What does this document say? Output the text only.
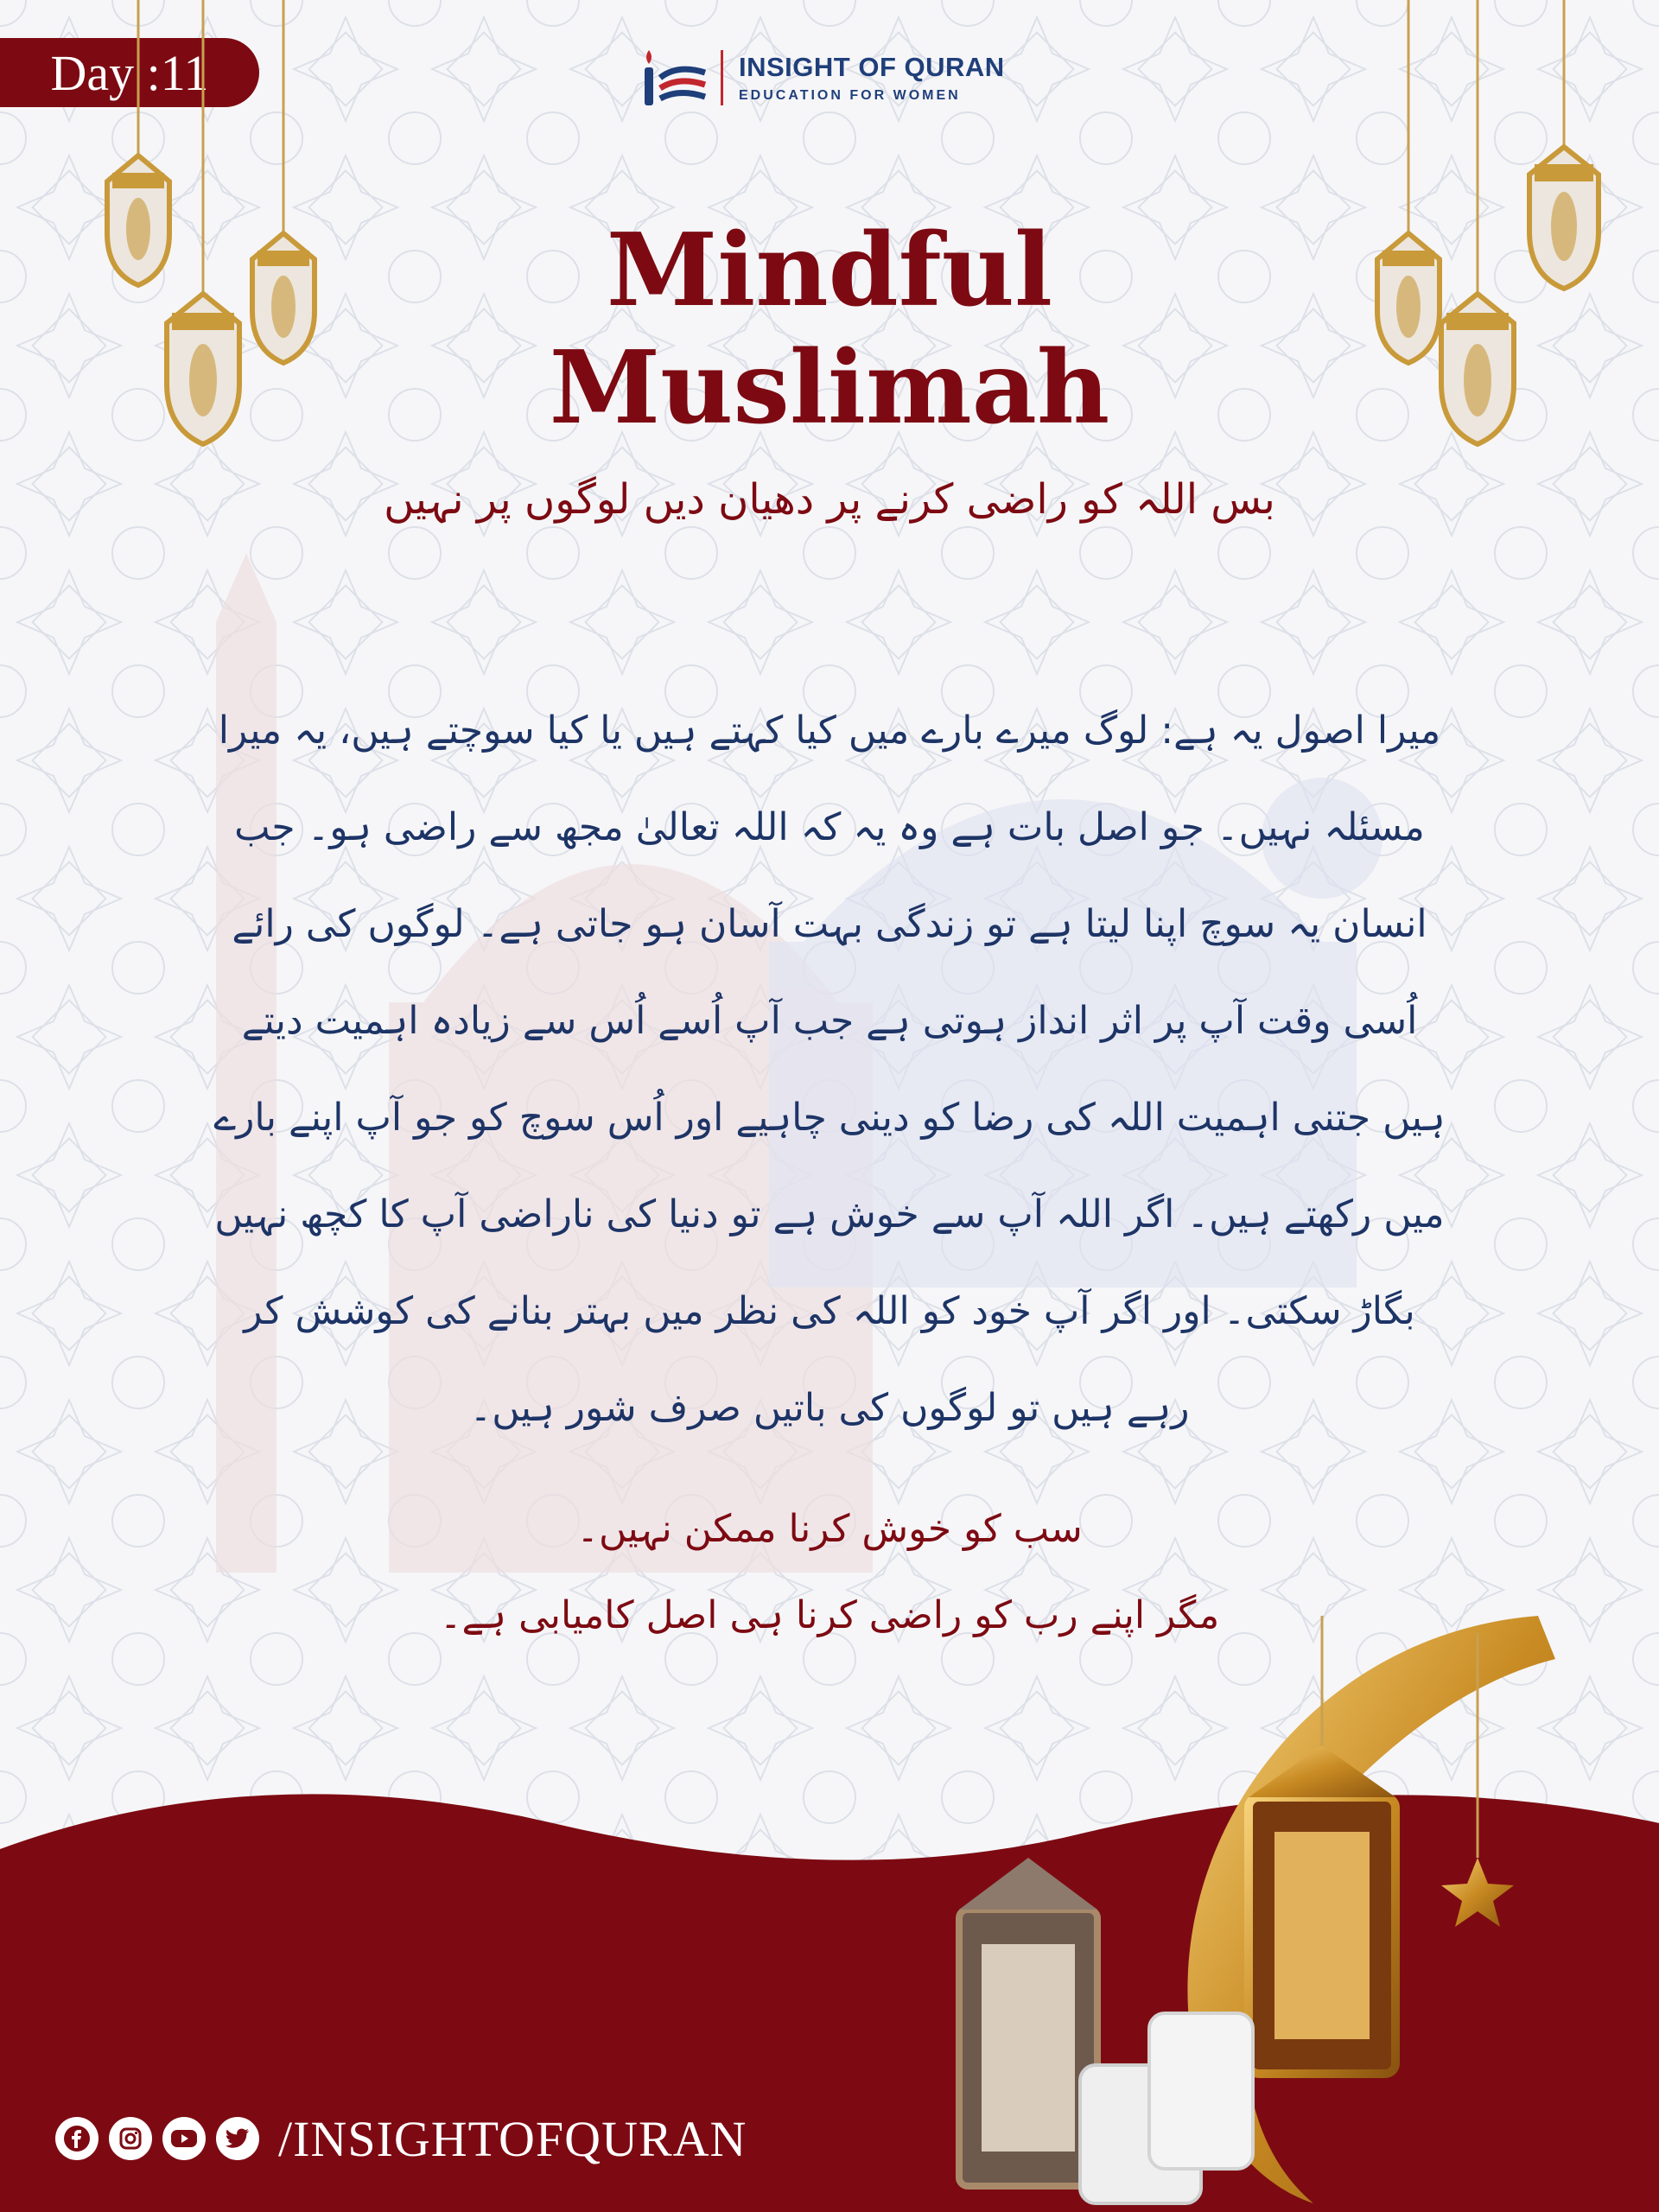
Day :11	INSIGHT OF QURAN
EDUCATION FOR WOMEN
Mindful Muslimah
بس اللہ کو راضی کرنے پر دھیان دیں لوگوں پر نہیں
میرا اصول یہ ہے: لوگ میرے بارے میں کیا کہتے ہیں یا کیا سوچتے ہیں، یہ میرا مسئلہ نہیں۔ جو اصل بات ہے وہ یہ کہ اللہ تعالیٰ مجھ سے راضی ہو۔ جب انسان یہ سوچ اپنا لیتا ہے تو زندگی بہت آسان ہو جاتی ہے۔ لوگوں کی رائے اُسی وقت آپ پر اثر انداز ہوتی ہے جب آپ اُسے اُس سے زیادہ اہمیت دیتے ہیں جتنی اہمیت اللہ کی رضا کو دینی چاہیے اور اُس سوچ کو جو آپ اپنے بارے میں رکھتے ہیں۔ اگر اللہ آپ سے خوش ہے تو دنیا کی ناراضی آپ کا کچھ نہیں بگاڑ سکتی۔ اور اگر آپ خود کو اللہ کی نظر میں بہتر بنانے کی کوشش کر رہے ہیں تو لوگوں کی باتیں صرف شور ہیں۔
سب کو خوش کرنا ممکن نہیں۔
مگر اپنے رب کو راضی کرنا ہی اصل کامیابی ہے۔
/INSIGHTOFQURAN
